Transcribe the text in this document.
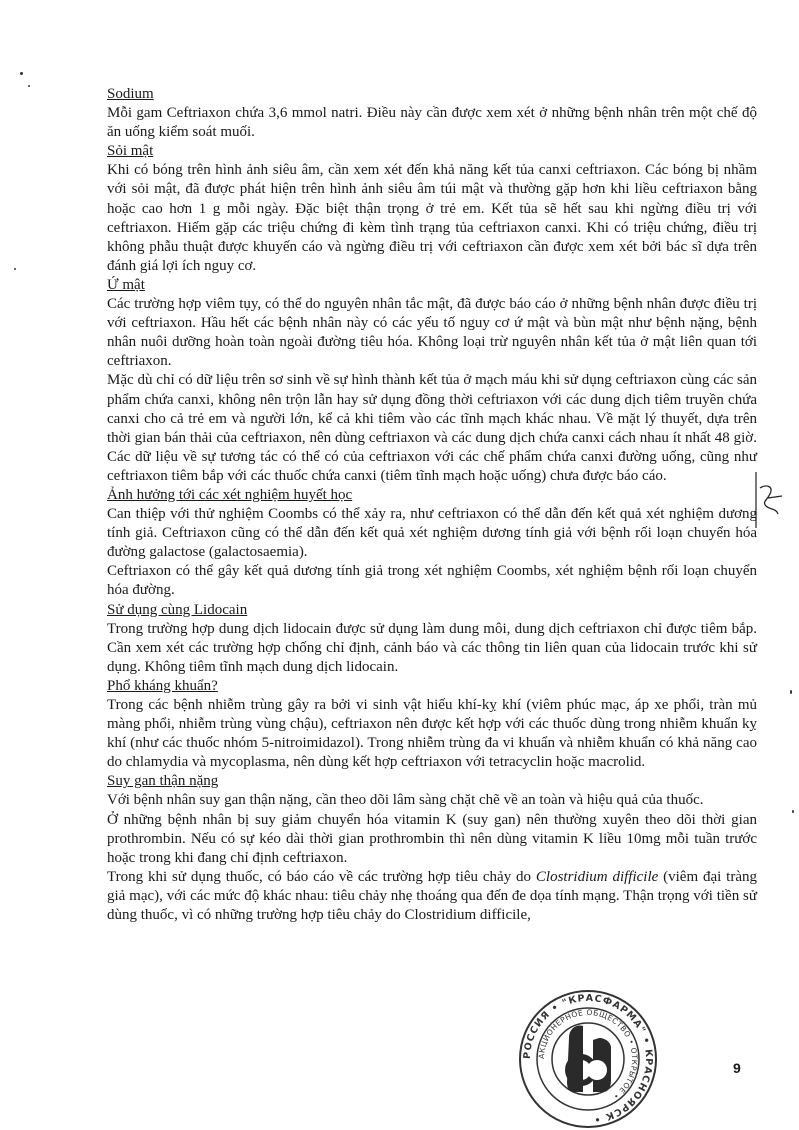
Sodium

Mỗi gam Ceftriaxon chứa 3,6 mmol natri. Điều này cần được xem xét ở những bệnh nhân trên một chế độ ăn uống kiểm soát muối.

Sỏi mật

Khi có bóng trên hình ảnh siêu âm, cần xem xét đến khả năng kết tủa canxi ceftriaxon. Các bóng bị nhầm với sỏi mật, đã được phát hiện trên hình ảnh siêu âm túi mật và thường gặp hơn khi liều ceftriaxon bằng hoặc cao hơn 1 g mỗi ngày. Đặc biệt thận trọng ở trẻ em. Kết tủa sẽ hết sau khi ngừng điều trị với ceftriaxon. Hiếm gặp các triệu chứng đi kèm tình trạng tủa ceftriaxon canxi. Khi có triệu chứng, điều trị không phẫu thuật được khuyến cáo và ngừng điều trị với ceftriaxon cần được xem xét bởi bác sĩ dựa trên đánh giá lợi ích nguy cơ.

Ứ mật

Các trường hợp viêm tụy, có thể do nguyên nhân tắc mật, đã được báo cáo ở những bệnh nhân được điều trị với ceftriaxon. Hầu hết các bệnh nhân này có các yếu tố nguy cơ ứ mật và bùn mật như bệnh nặng, bệnh nhân nuôi dưỡng hoàn toàn ngoài đường tiêu hóa. Không loại trừ nguyên nhân kết tủa ở mật liên quan tới ceftriaxon.

Mặc dù chỉ có dữ liệu trên sơ sinh về sự hình thành kết tủa ở mạch máu khi sử dụng ceftriaxon cùng các sản phẩm chứa canxi, không nên trộn lẫn hay sử dụng đồng thời ceftriaxon với các dung dịch tiêm truyền chứa canxi cho cả trẻ em và người lớn, kể cả khi tiêm vào các tĩnh mạch khác nhau. Về mặt lý thuyết, dựa trên thời gian bán thải của ceftriaxon, nên dùng ceftriaxon và các dung dịch chứa canxi cách nhau ít nhất 48 giờ. Các dữ liệu về sự tương tác có thể có của ceftriaxon với các chế phẩm chứa canxi đường uống, cũng như ceftriaxon tiêm bắp với các thuốc chứa canxi (tiêm tĩnh mạch hoặc uống) chưa được báo cáo.

Ảnh hưởng tới các xét nghiệm huyết học

Can thiệp với thử nghiệm Coombs có thể xảy ra, như ceftriaxon có thể dẫn đến kết quả xét nghiệm dương tính giả. Ceftriaxon cũng có thể dẫn đến kết quả xét nghiệm dương tính giả với bệnh rối loạn chuyển hóa đường galactose (galactosaemia).

Ceftriaxon có thể gây kết quả dương tính giả trong xét nghiệm Coombs, xét nghiệm bệnh rối loạn chuyển hóa đường.

Sử dụng cùng Lidocain

Trong trường hợp dung dịch lidocain được sử dụng làm dung môi, dung dịch ceftriaxon chỉ được tiêm bắp. Cần xem xét các trường hợp chống chỉ định, cảnh báo và các thông tin liên quan của lidocain trước khi sử dụng. Không tiêm tĩnh mạch dung dịch lidocain.

Phổ kháng khuẩn?

Trong các bệnh nhiễm trùng gây ra bởi vi sinh vật hiếu khí-kỵ khí (viêm phúc mạc, áp xe phổi, tràn mủ màng phổi, nhiễm trùng vùng chậu), ceftriaxon nên được kết hợp với các thuốc dùng trong nhiễm khuẩn kỵ khí (như các thuốc nhóm 5-nitroimidazol). Trong nhiễm trùng đa vi khuẩn và nhiễm khuẩn có khả năng cao do chlamydia và mycoplasma, nên dùng kết hợp ceftriaxon với tetracyclin hoặc macrolid.

Suy gan thận nặng

Với bệnh nhân suy gan thận nặng, cần theo dõi lâm sàng chặt chẽ về an toàn và hiệu quả của thuốc.

Ở những bệnh nhân bị suy giảm chuyển hóa vitamin K (suy gan) nên thường xuyên theo dõi thời gian prothrombin. Nếu có sự kéo dài thời gian prothrombin thì nên dùng vitamin K liều 10mg mỗi tuần trước hoặc trong khi đang chỉ định ceftriaxon.

Trong khi sử dụng thuốc, có báo cáo về các trường hợp tiêu chảy do Clostridium difficile (viêm đại tràng giả mạc), với các mức độ khác nhau: tiêu chảy nhẹ thoáng qua đến đe dọa tính mạng. Thận trọng với tiền sử dùng thuốc, vì có những trường hợp tiêu chảy do Clostridium difficile,

РОССИЯ • "КРАСФАРМА" • КРАСНОЯРСК •
АКЦИОНЕРНОЕ ОБЩЕСТВО • ОТКРЫТОЕ •
9
